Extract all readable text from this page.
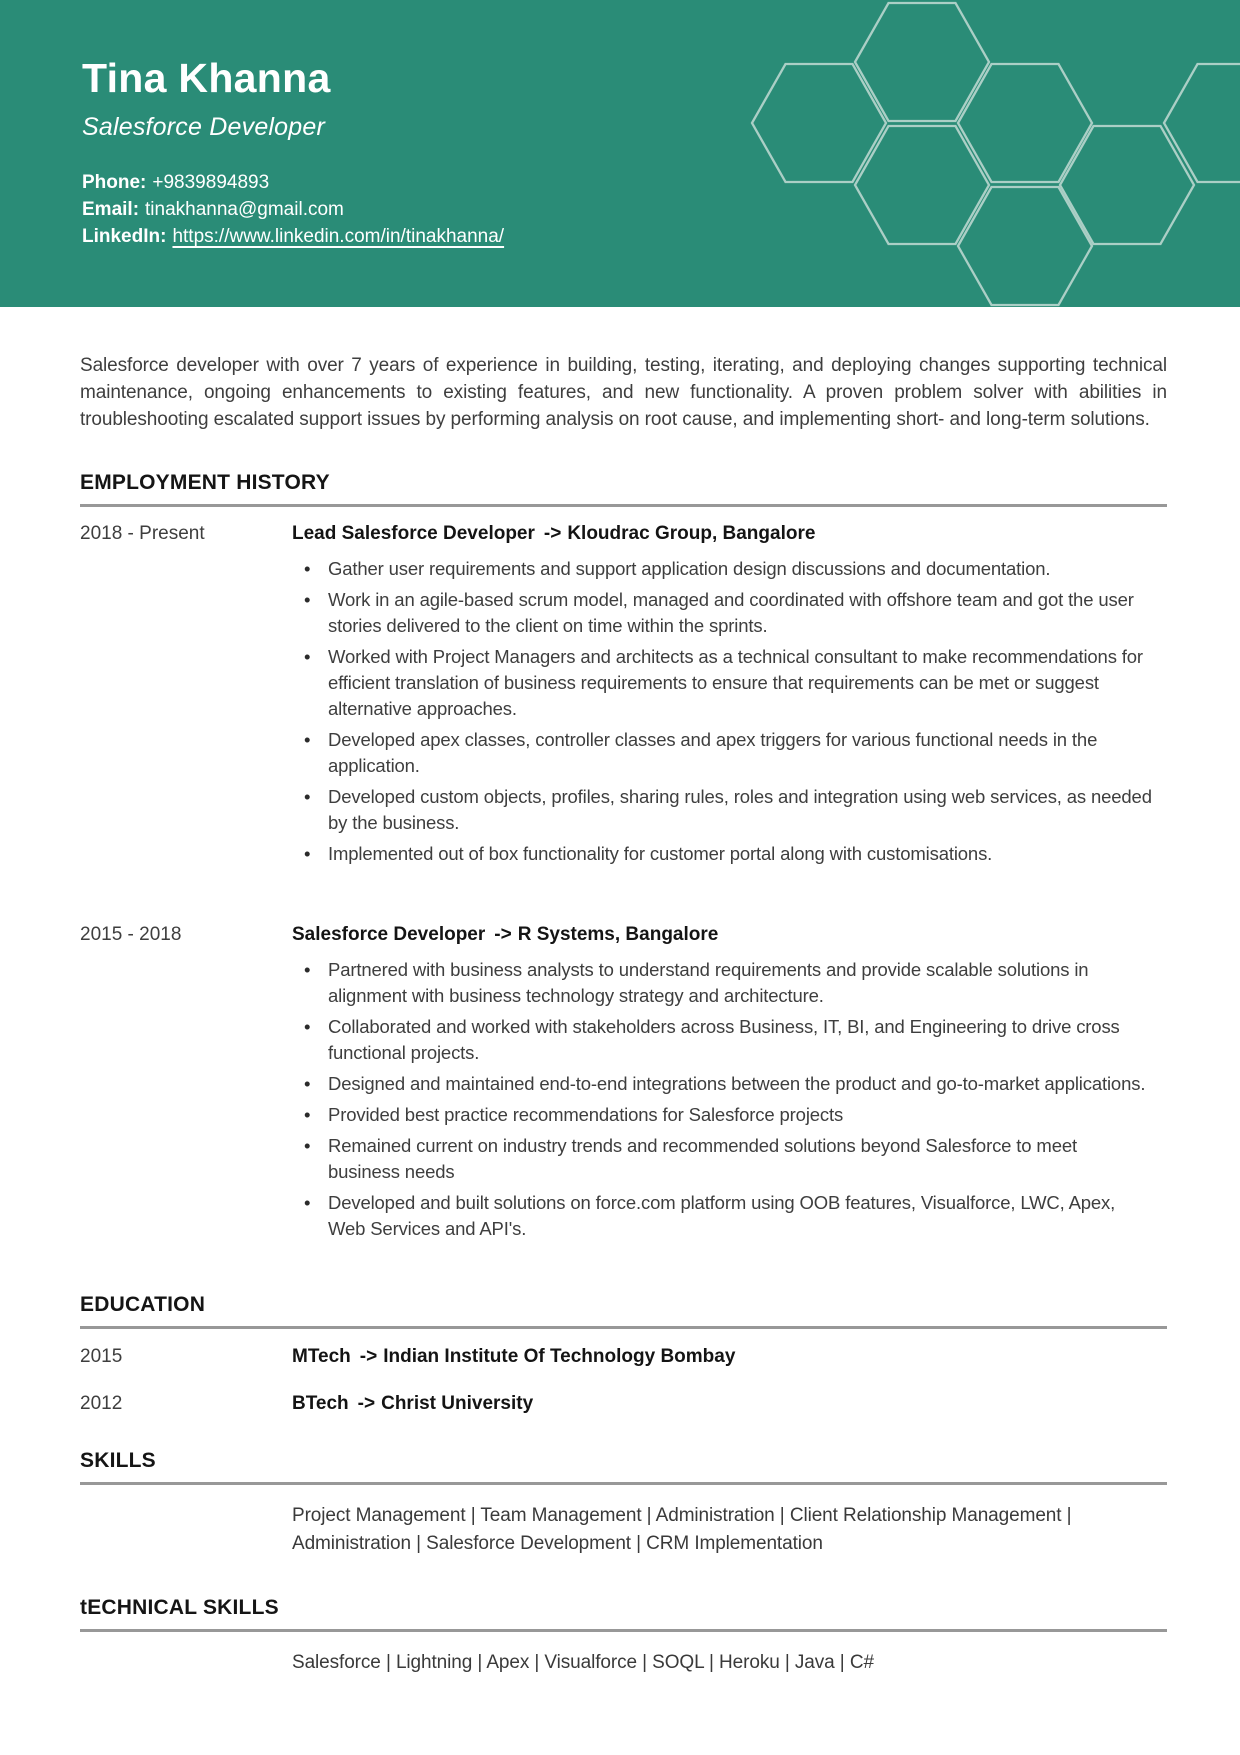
Tina Khanna
Salesforce Developer
Phone: +9839894893
Email: tinakhanna@gmail.com
LinkedIn: https://www.linkedin.com/in/tinakhanna/

Salesforce developer with over 7 years of experience in building, testing, iterating, and deploying changes supporting technical maintenance, ongoing enhancements to existing features, and new functionality. A proven problem solver with abilities in troubleshooting escalated support issues by performing analysis on root cause, and implementing short- and long-term solutions.

EMPLOYMENT HISTORY
2018 - Present	Lead Salesforce Developer -> Kloudrac Group, Bangalore
• Gather user requirements and support application design discussions and documentation.
• Work in an agile-based scrum model, managed and coordinated with offshore team and got the user stories delivered to the client on time within the sprints.
• Worked with Project Managers and architects as a technical consultant to make recommendations for efficient translation of business requirements to ensure that requirements can be met or suggest alternative approaches.
• Developed apex classes, controller classes and apex triggers for various functional needs in the application.
• Developed custom objects, profiles, sharing rules, roles and integration using web services, as needed by the business.
• Implemented out of box functionality for customer portal along with customisations.
2015 - 2018	Salesforce Developer -> R Systems, Bangalore
• Partnered with business analysts to understand requirements and provide scalable solutions in alignment with business technology strategy and architecture.
• Collaborated and worked with stakeholders across Business, IT, BI, and Engineering to drive cross functional projects.
• Designed and maintained end-to-end integrations between the product and go-to-market applications.
• Provided best practice recommendations for Salesforce projects
• Remained current on industry trends and recommended solutions beyond Salesforce to meet business needs
• Developed and built solutions on force.com platform using OOB features, Visualforce, LWC, Apex, Web Services and API's.
EDUCATION
2015	MTech -> Indian Institute Of Technology Bombay
2012	BTech -> Christ University
SKILLS
Project Management | Team Management | Administration | Client Relationship Management | Administration | Salesforce Development | CRM Implementation
tECHNICAL SKILLS
Salesforce | Lightning | Apex | Visualforce | SOQL | Heroku | Java | C#
